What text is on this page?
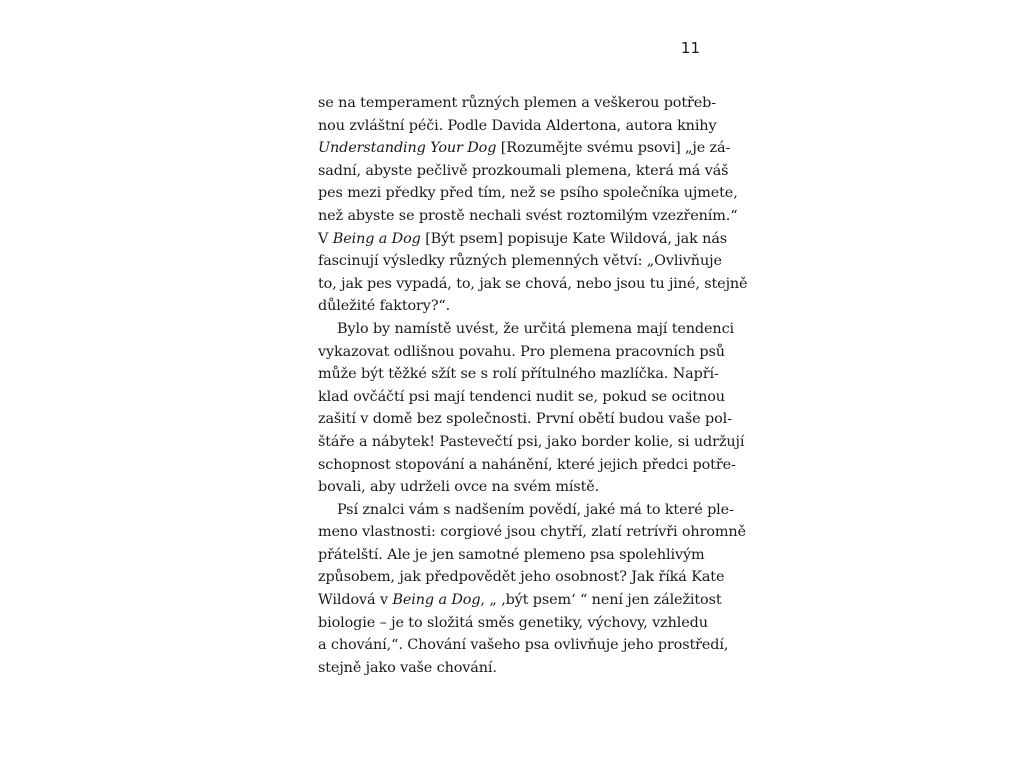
11
se na temperament různých plemen a veškerou potřeb-
nou zvláštní péči. Podle Davida Aldertona, autora knihy
Understanding Your Dog [Rozumějte svému psovi] „je zá-
sadní, abyste pečlivě prozkoumali plemena, která má váš
pes mezi předky před tím, než se psího společníka ujmete,
než abyste se prostě nechali svést roztomilým vzezřením.“
V Being a Dog [Být psem] popisuje Kate Wildová, jak nás
fascinují výsledky různých plemenných větví: „Ovlivňuje
to, jak pes vypadá, to, jak se chová, nebo jsou tu jiné, stejně
důležité faktory?“.
Bylo by namístě uvést, že určitá plemena mají tendenci
vykazovat odlišnou povahu. Pro plemena pracovních psů
může být těžké sžít se s rolí přítulného mazlíčka. Napří-
klad ovčáčtí psi mají tendenci nudit se, pokud se ocitnou
zašití v domě bez společnosti. První obětí budou vaše pol-
štáře a nábytek! Pastevečtí psi, jako border kolie, si udržují
schopnost stopování a nahánění, které jejich předci potře-
bovali, aby udrželi ovce na svém místě.
Psí znalci vám s nadšením povědí, jaké má to které ple-
meno vlastnosti: corgiové jsou chytří, zlatí retrívři ohromně
přátelští. Ale je jen samotné plemeno psa spolehlivým
způsobem, jak předpovědět jeho osobnost? Jak říká Kate
Wildová v Being a Dog, „ ‚být psem‘ “ není jen záležitost
biologie – je to složitá směs genetiky, výchovy, vzhledu
a chování,“. Chování vašeho psa ovlivňuje jeho prostředí,
stejně jako vaše chování.
